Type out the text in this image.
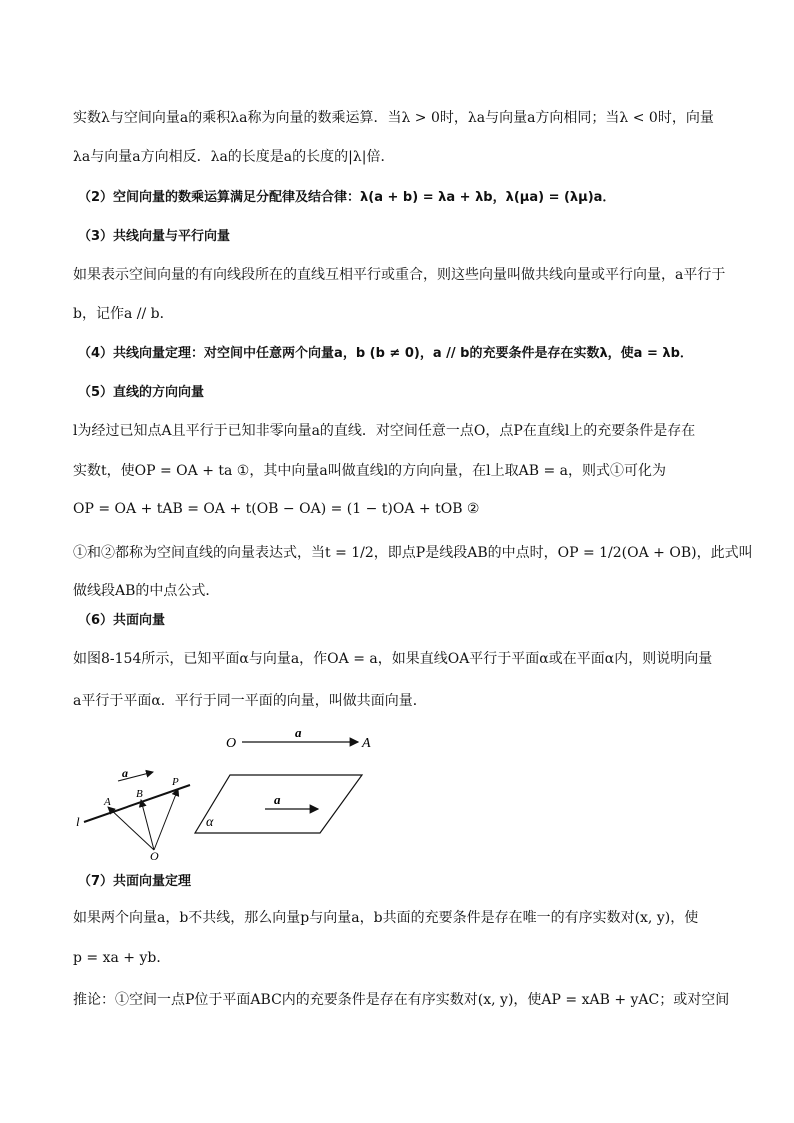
实数λ与空间向量a的乘积λa称为向量的数乘运算．当λ > 0时，λa与向量a方向相同；当λ < 0时，向量
λa与向量a方向相反．λa的长度是a的长度的|λ|倍．
（2）空间向量的数乘运算满足分配律及结合律：λ(a + b) = λa + λb，λ(μa) = (λμ)a．
（3）共线向量与平行向量
如果表示空间向量的有向线段所在的直线互相平行或重合，则这些向量叫做共线向量或平行向量，a平行于
b，记作a // b．
（4）共线向量定理：对空间中任意两个向量a，b (b ≠ 0)，a // b的充要条件是存在实数λ，使a = λb．
（5）直线的方向向量
l为经过已知点A且平行于已知非零向量a的直线．对空间任意一点O，点P在直线l上的充要条件是存在
实数t，使OP = OA + ta ①，其中向量a叫做直线l的方向向量，在l上取AB = a，则式①可化为
OP = OA + tAB = OA + t(OB − OA) = (1 − t)OA + tOB ②
①和②都称为空间直线的向量表达式，当t = 1/2，即点P是线段AB的中点时，OP = 1/2(OA + OB)，此式叫
做线段AB的中点公式．
（6）共面向量
如图8-154所示，已知平面α与向量a，作OA = a，如果直线OA平行于平面α或在平面α内，则说明向量
a平行于平面α．平行于同一平面的向量，叫做共面向量．
O
a
A
a
l
A
B
P
O
a
α
（7）共面向量定理
如果两个向量a，b不共线，那么向量p与向量a，b共面的充要条件是存在唯一的有序实数对(x, y)，使
p = xa + yb．
推论：①空间一点P位于平面ABC内的充要条件是存在有序实数对(x, y)，使AP = xAB + yAC；或对空间
